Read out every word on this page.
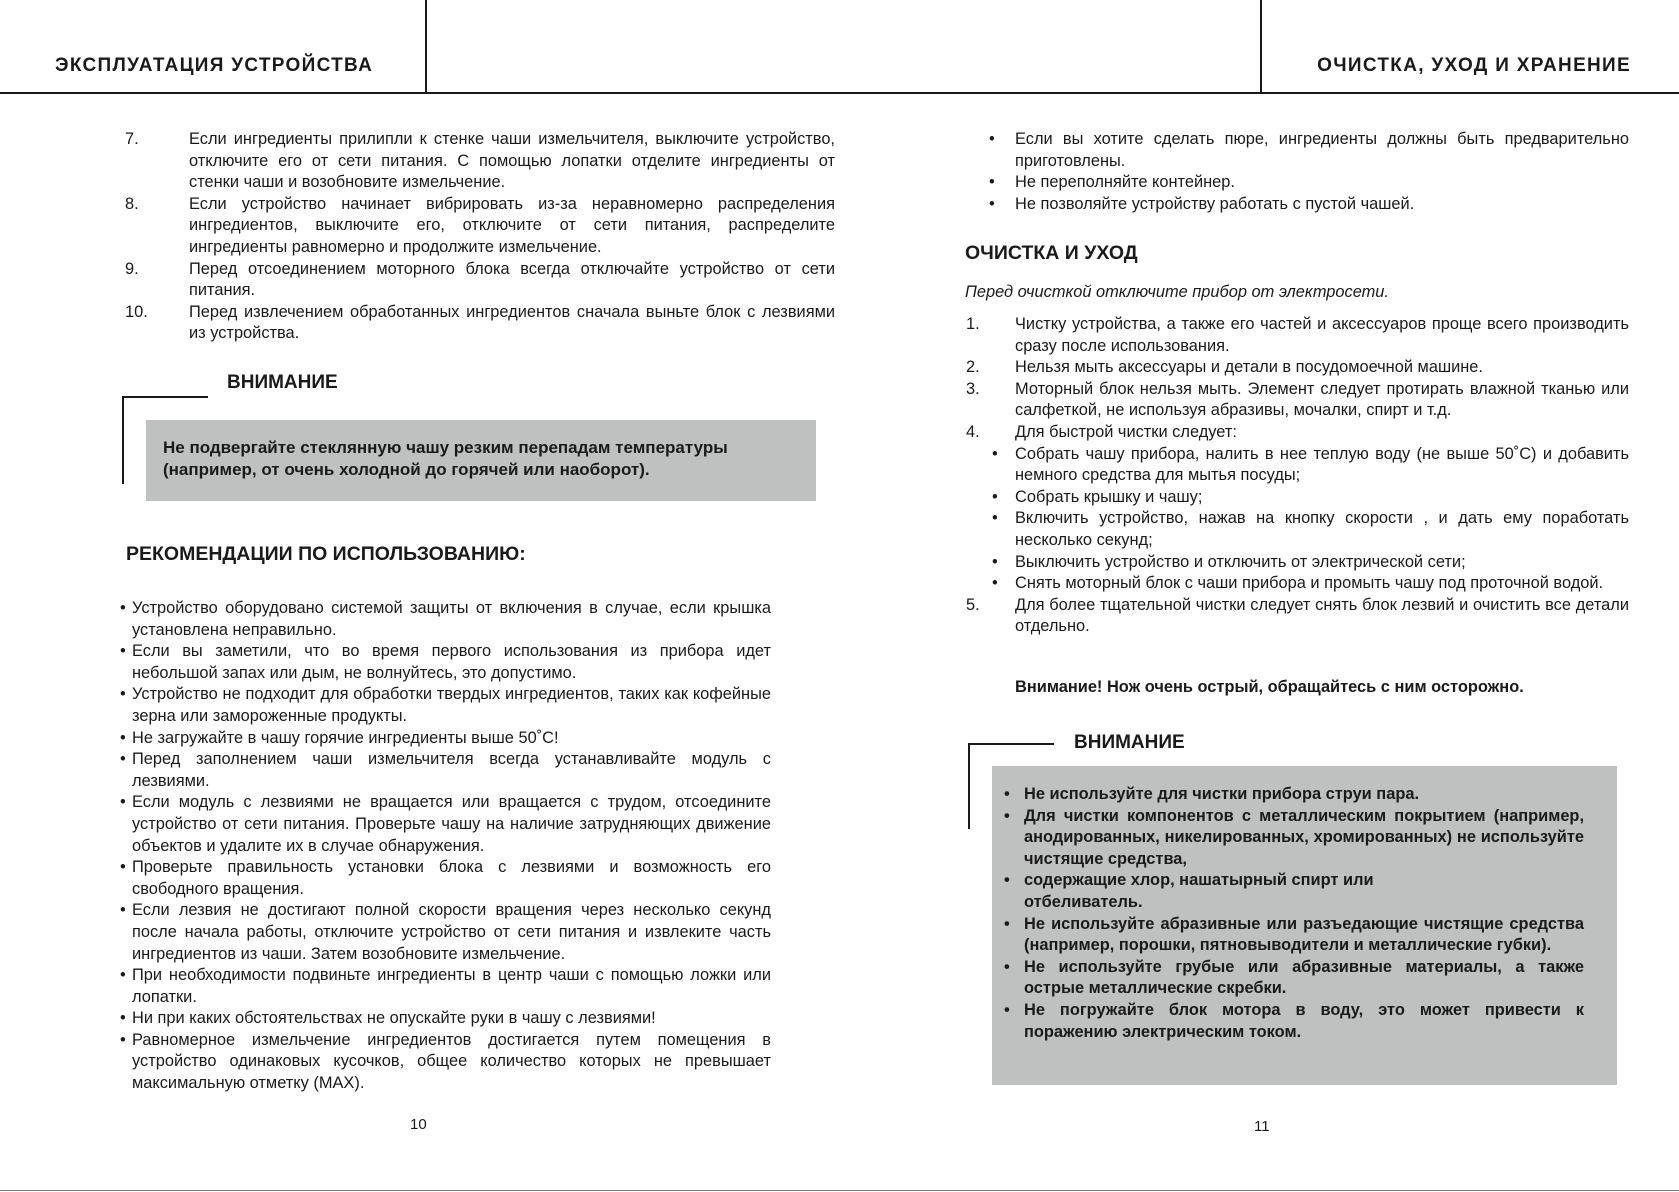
ЭКСПЛУАТАЦИЯ УСТРОЙСТВА	ОЧИСТКА, УХОД И ХРАНЕНИЕ
7.	Если ингредиенты прилипли к стенке чаши измельчителя, выключите устройство, отключите его от сети питания. С помощью лопатки отделите ингредиенты от стенки чаши и возобновите измельчение.
8.	Если устройство начинает вибрировать из-за неравномерно распределения ингредиентов, выключите его, отключите от сети питания, распределите ингредиенты равномерно и продолжите измельчение.
9.	Перед отсоединением моторного блока всегда отключайте устройство от сети питания.
10.	Перед извлечением обработанных ингредиентов сначала выньте блок с лезвиями из устройства.
ВНИМАНИЕ
Не подвергайте стеклянную чашу резким перепадам температуры (например, от очень холодной до горячей или наоборот).
РЕКОМЕНДАЦИИ ПО ИСПОЛЬЗОВАНИЮ:
• Устройство оборудовано системой защиты от включения в случае, если крышка установлена неправильно.
• Если вы заметили, что во время первого использования из прибора идет небольшой запах или дым, не волнуйтесь, это допустимо.
• Устройство не подходит для обработки твердых ингредиентов, таких как кофейные зерна или замороженные продукты.
• Не загружайте в чашу горячие ингредиенты выше 50˚С!
• Перед заполнением чаши измельчителя всегда устанавливайте модуль с лезвиями.
• Если модуль с лезвиями не вращается или вращается с трудом, отсоедините устройство от сети питания. Проверьте чашу на наличие затрудняющих движение объектов и удалите их в случае обнаружения.
• Проверьте правильность установки блока с лезвиями и возможность его свободного вращения.
• Если лезвия не достигают полной скорости вращения через несколько секунд после начала работы, отключите устройство от сети питания и извлеките часть ингредиентов из чаши. Затем возобновите измельчение.
• При необходимости подвиньте ингредиенты в центр чаши с помощью ложки или лопатки.
• Ни при каких обстоятельствах не опускайте руки в чашу с лезвиями!
• Равномерное измельчение ингредиентов достигается путем помещения в устройство одинаковых кусочков, общее количество которых не превышает максимальную отметку (MAX).
10
•	Если вы хотите сделать пюре, ингредиенты должны быть предварительно приготовлены.
•	Не переполняйте контейнер.
•	Не позволяйте устройству работать с пустой чашей.
ОЧИСТКА И УХОД
Перед очисткой отключите прибор от электросети.
1.	Чистку устройства, а также его частей и аксессуаров проще всего производить сразу после использования.
2.	Нельзя мыть аксессуары и детали в посудомоечной машине.
3.	Моторный блок нельзя мыть. Элемент следует протирать влажной тканью или салфеткой, не используя абразивы, мочалки, спирт и т.д.
4.	Для быстрой чистки следует:
•	Собрать чашу прибора, налить в нее теплую воду (не выше 50˚С) и добавить немного средства для мытья посуды;
•	Собрать крышку и чашу;
•	Включить устройство, нажав на кнопку скорости , и дать ему поработать несколько секунд;
•	Выключить устройство и отключить от электрической сети;
•	Снять моторный блок с чаши прибора и промыть чашу под проточной водой.
5.	Для более тщательной чистки следует снять блок лезвий и очистить все детали отдельно.
Внимание! Нож очень острый, обращайтесь с ним осторожно.
ВНИМАНИЕ
• Не используйте для чистки прибора струи пара.
• Для чистки компонентов с металлическим покрытием (например, анодированных, никелированных, хромированных) не используйте чистящие средства,
• содержащие хлор, нашатырный спирт или отбеливатель.
• Не используйте абразивные или разъедающие чистящие средства (например, порошки, пятновыводители и металлические губки).
• Не используйте грубые или абразивные материалы, а также острые металлические скребки.
• Не погружайте блок мотора в воду, это может привести к поражению электрическим током.
11
